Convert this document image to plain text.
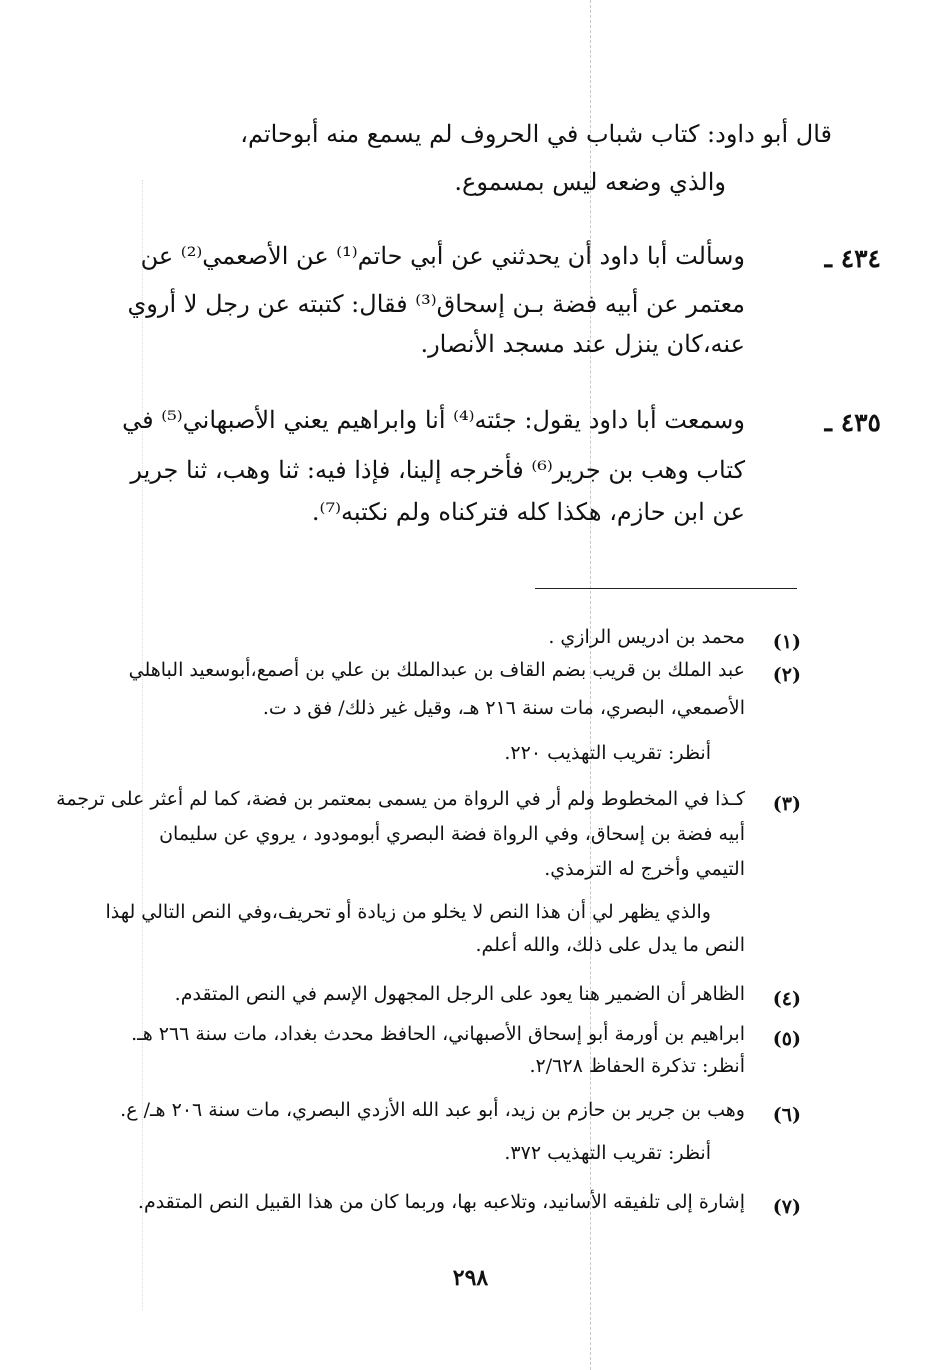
قال أبو داود: كتاب شباب في الحروف لم يسمع منه أبوحاتم،
والذي وضعه ليس بمسموع.
٤٣٤ ـ
وسألت أبا داود أن يحدثني عن أبي حاتم⁽¹⁾ عن الأصعمي⁽²⁾ عن
معتمر عن أبيه فضة بـن إسحاق⁽³⁾ فقال: كتبته عن رجل لا أروي
عنه،كان ينزل عند مسجد الأنصار.
٤٣٥ ـ
وسمعت أبا داود يقول: جئته⁽⁴⁾ أنا وابراهيم يعني الأصبهاني⁽⁵⁾ في
كتاب وهب بن جرير⁽⁶⁾ فأخرجه إلينا، فإذا فيه: ثنا وهب، ثنا جرير
عن ابن حازم، هكذا كله فتركناه ولم نكتبه⁽⁷⁾.
(١)
محمد بن ادريس الرازي .
(٢)
عبد الملك بن قريب بضم القاف بن عبدالملك بن علي بن أصمع،أبوسعيد الباهلي
الأصمعي، البصري، مات سنة ٢١٦ هـ، وقيل غير ذلك/ فق د ت.
أنظر: تقريب التهذيب ٢٢٠.
(٣)
كـذا في المخطوط ولم أر في الرواة من يسمى بمعتمر بن فضة، كما لم أعثر على ترجمة
أبيه فضة بن إسحاق، وفي الرواة فضة البصري أبومودود ، يروي عن سليمان
التيمي وأخرج له الترمذي.
والذي يظهر لي أن هذا النص لا يخلو من زيادة أو تحريف،وفي النص التالي لهذا
النص ما يدل على ذلك، والله أعلم.
(٤)
الظاهر أن الضمير هنا يعود على الرجل المجهول الإسم في النص المتقدم.
(٥)
ابراهيم بن أورمة أبو إسحاق الأصبهاني، الحافظ محدث بغداد، مات سنة ٢٦٦ هـ.
أنظر: تذكرة الحفاظ ٢/٦٢٨.
(٦)
وهب بن جرير بن حازم بن زيد، أبو عبد الله الأزدي البصري، مات سنة ٢٠٦ هـ/ ع.
أنظر: تقريب التهذيب ٣٧٢.
(٧)
إشارة إلى تلفيقه الأسانيد، وتلاعبه بها، وربما كان من هذا القبيل النص المتقدم.
٢٩٨
